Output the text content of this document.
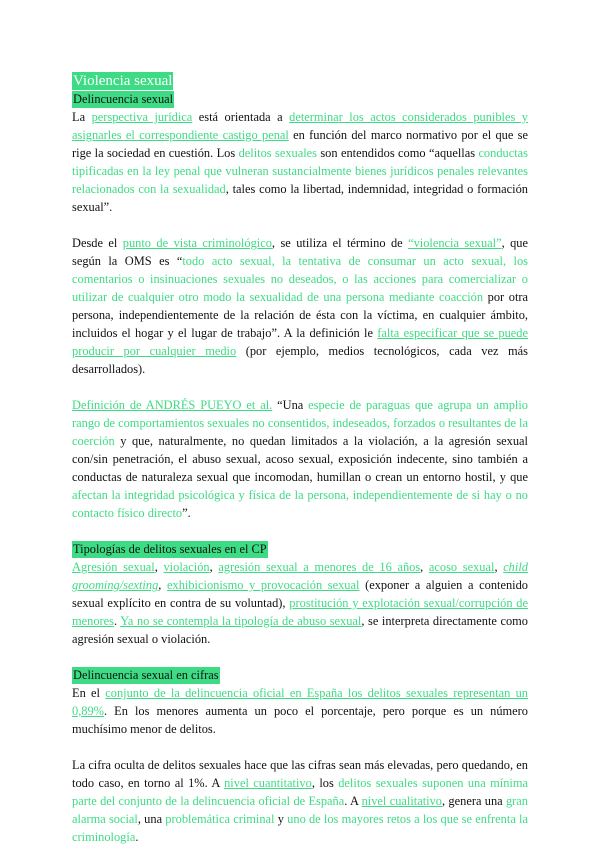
Violencia sexual
Delincuencia sexual

La perspectiva jurídica está orientada a determinar los actos considerados punibles y asignarles el correspondiente castigo penal en función del marco normativo por el que se rige la sociedad en cuestión. Los delitos sexuales son entendidos como “aquellas conductas tipificadas en la ley penal que vulneran sustancialmente bienes jurídicos penales relevantes relacionados con la sexualidad, tales como la libertad, indemnidad, integridad o formación sexual”.

Desde el punto de vista criminológico, se utiliza el término de “violencia sexual”, que según la OMS es “todo acto sexual, la tentativa de consumar un acto sexual, los comentarios o insinuaciones sexuales no deseados, o las acciones para comercializar o utilizar de cualquier otro modo la sexualidad de una persona mediante coacción por otra persona, independientemente de la relación de ésta con la víctima, en cualquier ámbito, incluidos el hogar y el lugar de trabajo”. A la definición le falta especificar que se puede producir por cualquier medio (por ejemplo, medios tecnológicos, cada vez más desarrollados).

Definición de ANDRÉS PUEYO et al. “Una especie de paraguas que agrupa un amplio rango de comportamientos sexuales no consentidos, indeseados, forzados o resultantes de la coerción y que, naturalmente, no quedan limitados a la violación, a la agresión sexual con/sin penetración, el abuso sexual, acoso sexual, exposición indecente, sino también a conductas de naturaleza sexual que incomodan, humillan o crean un entorno hostil, y que afectan la integridad psicológica y física de la persona, independientemente de si hay o no contacto físico directo”.

Tipologías de delitos sexuales en el CP

Agresión sexual, violación, agresión sexual a menores de 16 años, acoso sexual, child grooming/sexting, exhibicionismo y provocación sexual (exponer a alguien a contenido sexual explícito en contra de su voluntad), prostitución y explotación sexual/corrupción de menores. Ya no se contempla la tipología de abuso sexual, se interpreta directamente como agresión sexual o violación.

Delincuencia sexual en cifras

En el conjunto de la delincuencia oficial en España los delitos sexuales representan un 0,89%. En los menores aumenta un poco el porcentaje, pero porque es un número muchísimo menor de delitos.

La cifra oculta de delitos sexuales hace que las cifras sean más elevadas, pero quedando, en todo caso, en torno al 1%. A nivel cuantitativo, los delitos sexuales suponen una mínima parte del conjunto de la delincuencia oficial de España. A nivel cualitativo, genera una gran alarma social, una problemática criminal y uno de los mayores retos a los que se enfrenta la criminología.
